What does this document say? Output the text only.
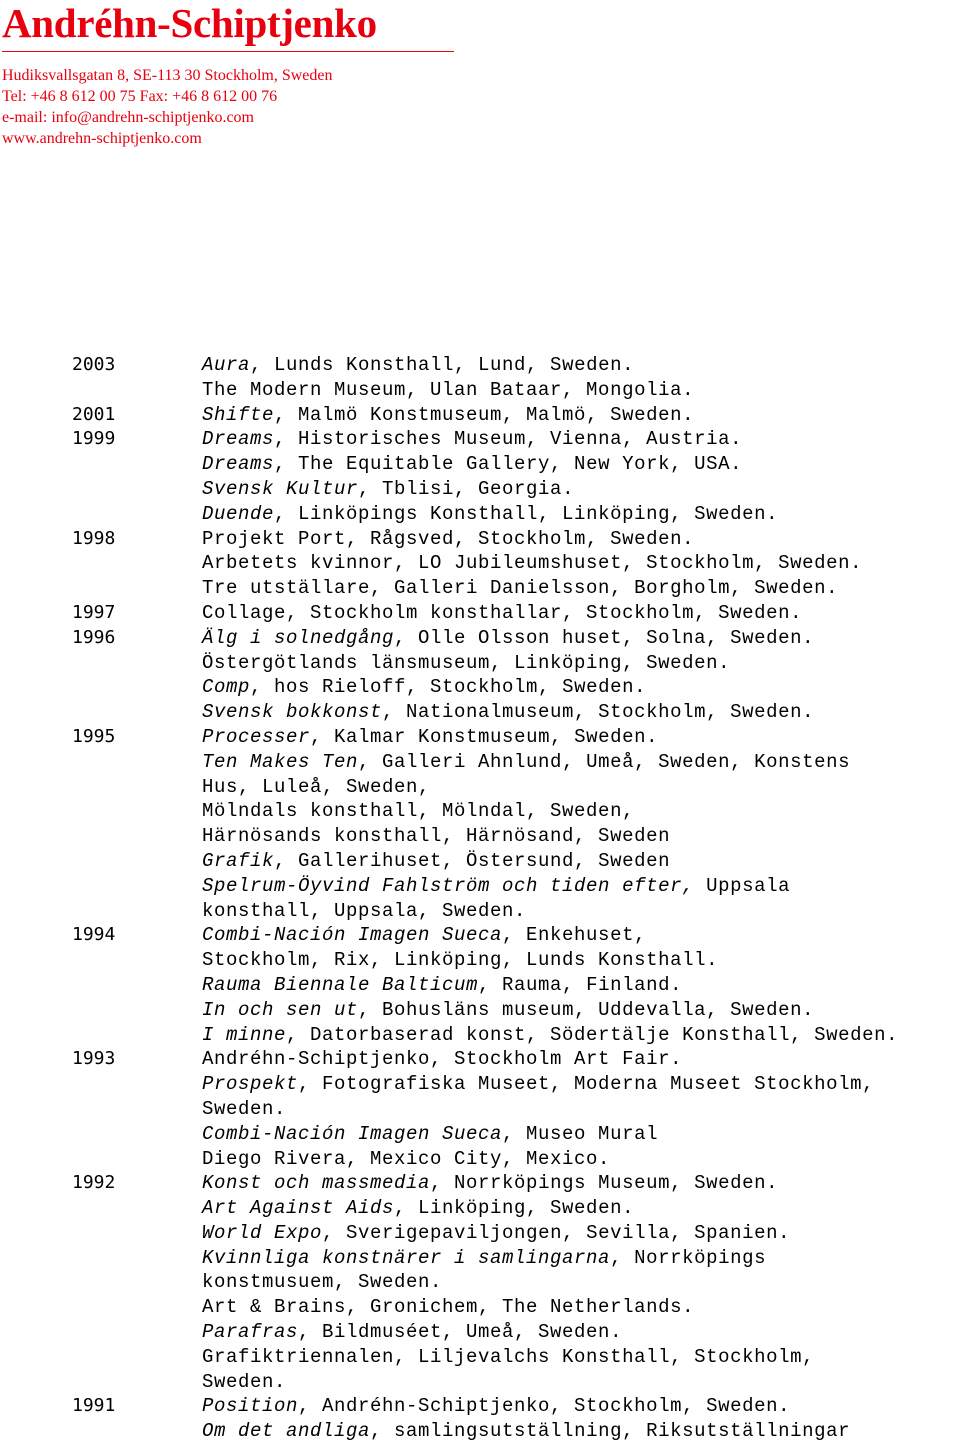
Andréhn-Schiptjenko
Hudiksvallsgatan 8, SE-113 30 Stockholm, Sweden
Tel: +46 8 612 00 75 Fax: +46 8 612 00 76
e-mail: info@andrehn-schiptjenko.com
www.andrehn-schiptjenko.com
2003	Aura, Lunds Konsthall, Lund, Sweden.
The Modern Museum, Ulan Bataar, Mongolia.
2001	Shifte, Malmö Konstmuseum, Malmö, Sweden.
1999	Dreams, Historisches Museum, Vienna, Austria.
Dreams, The Equitable Gallery, New York, USA.
Svensk Kultur, Tblisi, Georgia.
Duende, Linköpings Konsthall, Linköping, Sweden.
1998	Projekt Port, Rågsved, Stockholm, Sweden.
Arbetets kvinnor, LO Jubileumshuset, Stockholm, Sweden.
Tre utställare, Galleri Danielsson, Borgholm, Sweden.
1997	Collage, Stockholm konsthallar, Stockholm, Sweden.
1996	Älg i solnedgång, Olle Olsson huset, Solna, Sweden.
Östergötlands länsmuseum, Linköping, Sweden.
Comp, hos Rieloff, Stockholm, Sweden.
Svensk bokkonst, Nationalmuseum, Stockholm, Sweden.
1995	Processer, Kalmar Konstmuseum, Sweden.
Ten Makes Ten, Galleri Ahnlund, Umeå, Sweden, Konstens
Hus, Luleå, Sweden,
Mölndals konsthall, Mölndal, Sweden,
Härnösands konsthall, Härnösand, Sweden
Grafik, Gallerihuset, Östersund, Sweden
Spelrum-Öyvind Fahlström och tiden efter, Uppsala
konsthall, Uppsala, Sweden.
1994	Combi-Nación Imagen Sueca, Enkehuset,
Stockholm, Rix, Linköping, Lunds Konsthall.
Rauma Biennale Balticum, Rauma, Finland.
In och sen ut, Bohusläns museum, Uddevalla, Sweden.
I minne, Datorbaserad konst, Södertälje Konsthall, Sweden.
1993	Andréhn-Schiptjenko, Stockholm Art Fair.
Prospekt, Fotografiska Museet, Moderna Museet Stockholm,
Sweden.
Combi-Nación Imagen Sueca, Museo Mural
Diego Rivera, Mexico City, Mexico.
1992	Konst och massmedia, Norrköpings Museum, Sweden.
Art Against Aids, Linköping, Sweden.
World Expo, Sverigepaviljongen, Sevilla, Spanien.
Kvinnliga konstnärer i samlingarna, Norrköpings
konstmusuem, Sweden.
Art & Brains, Gronichem, The Netherlands.
Parafras, Bildmuséet, Umeå, Sweden.
Grafiktriennalen, Liljevalchs Konsthall, Stockholm,
Sweden.
1991	Position, Andréhn-Schiptjenko, Stockholm, Sweden.
Om det andliga, samlingsutställning, Riksutställningar
